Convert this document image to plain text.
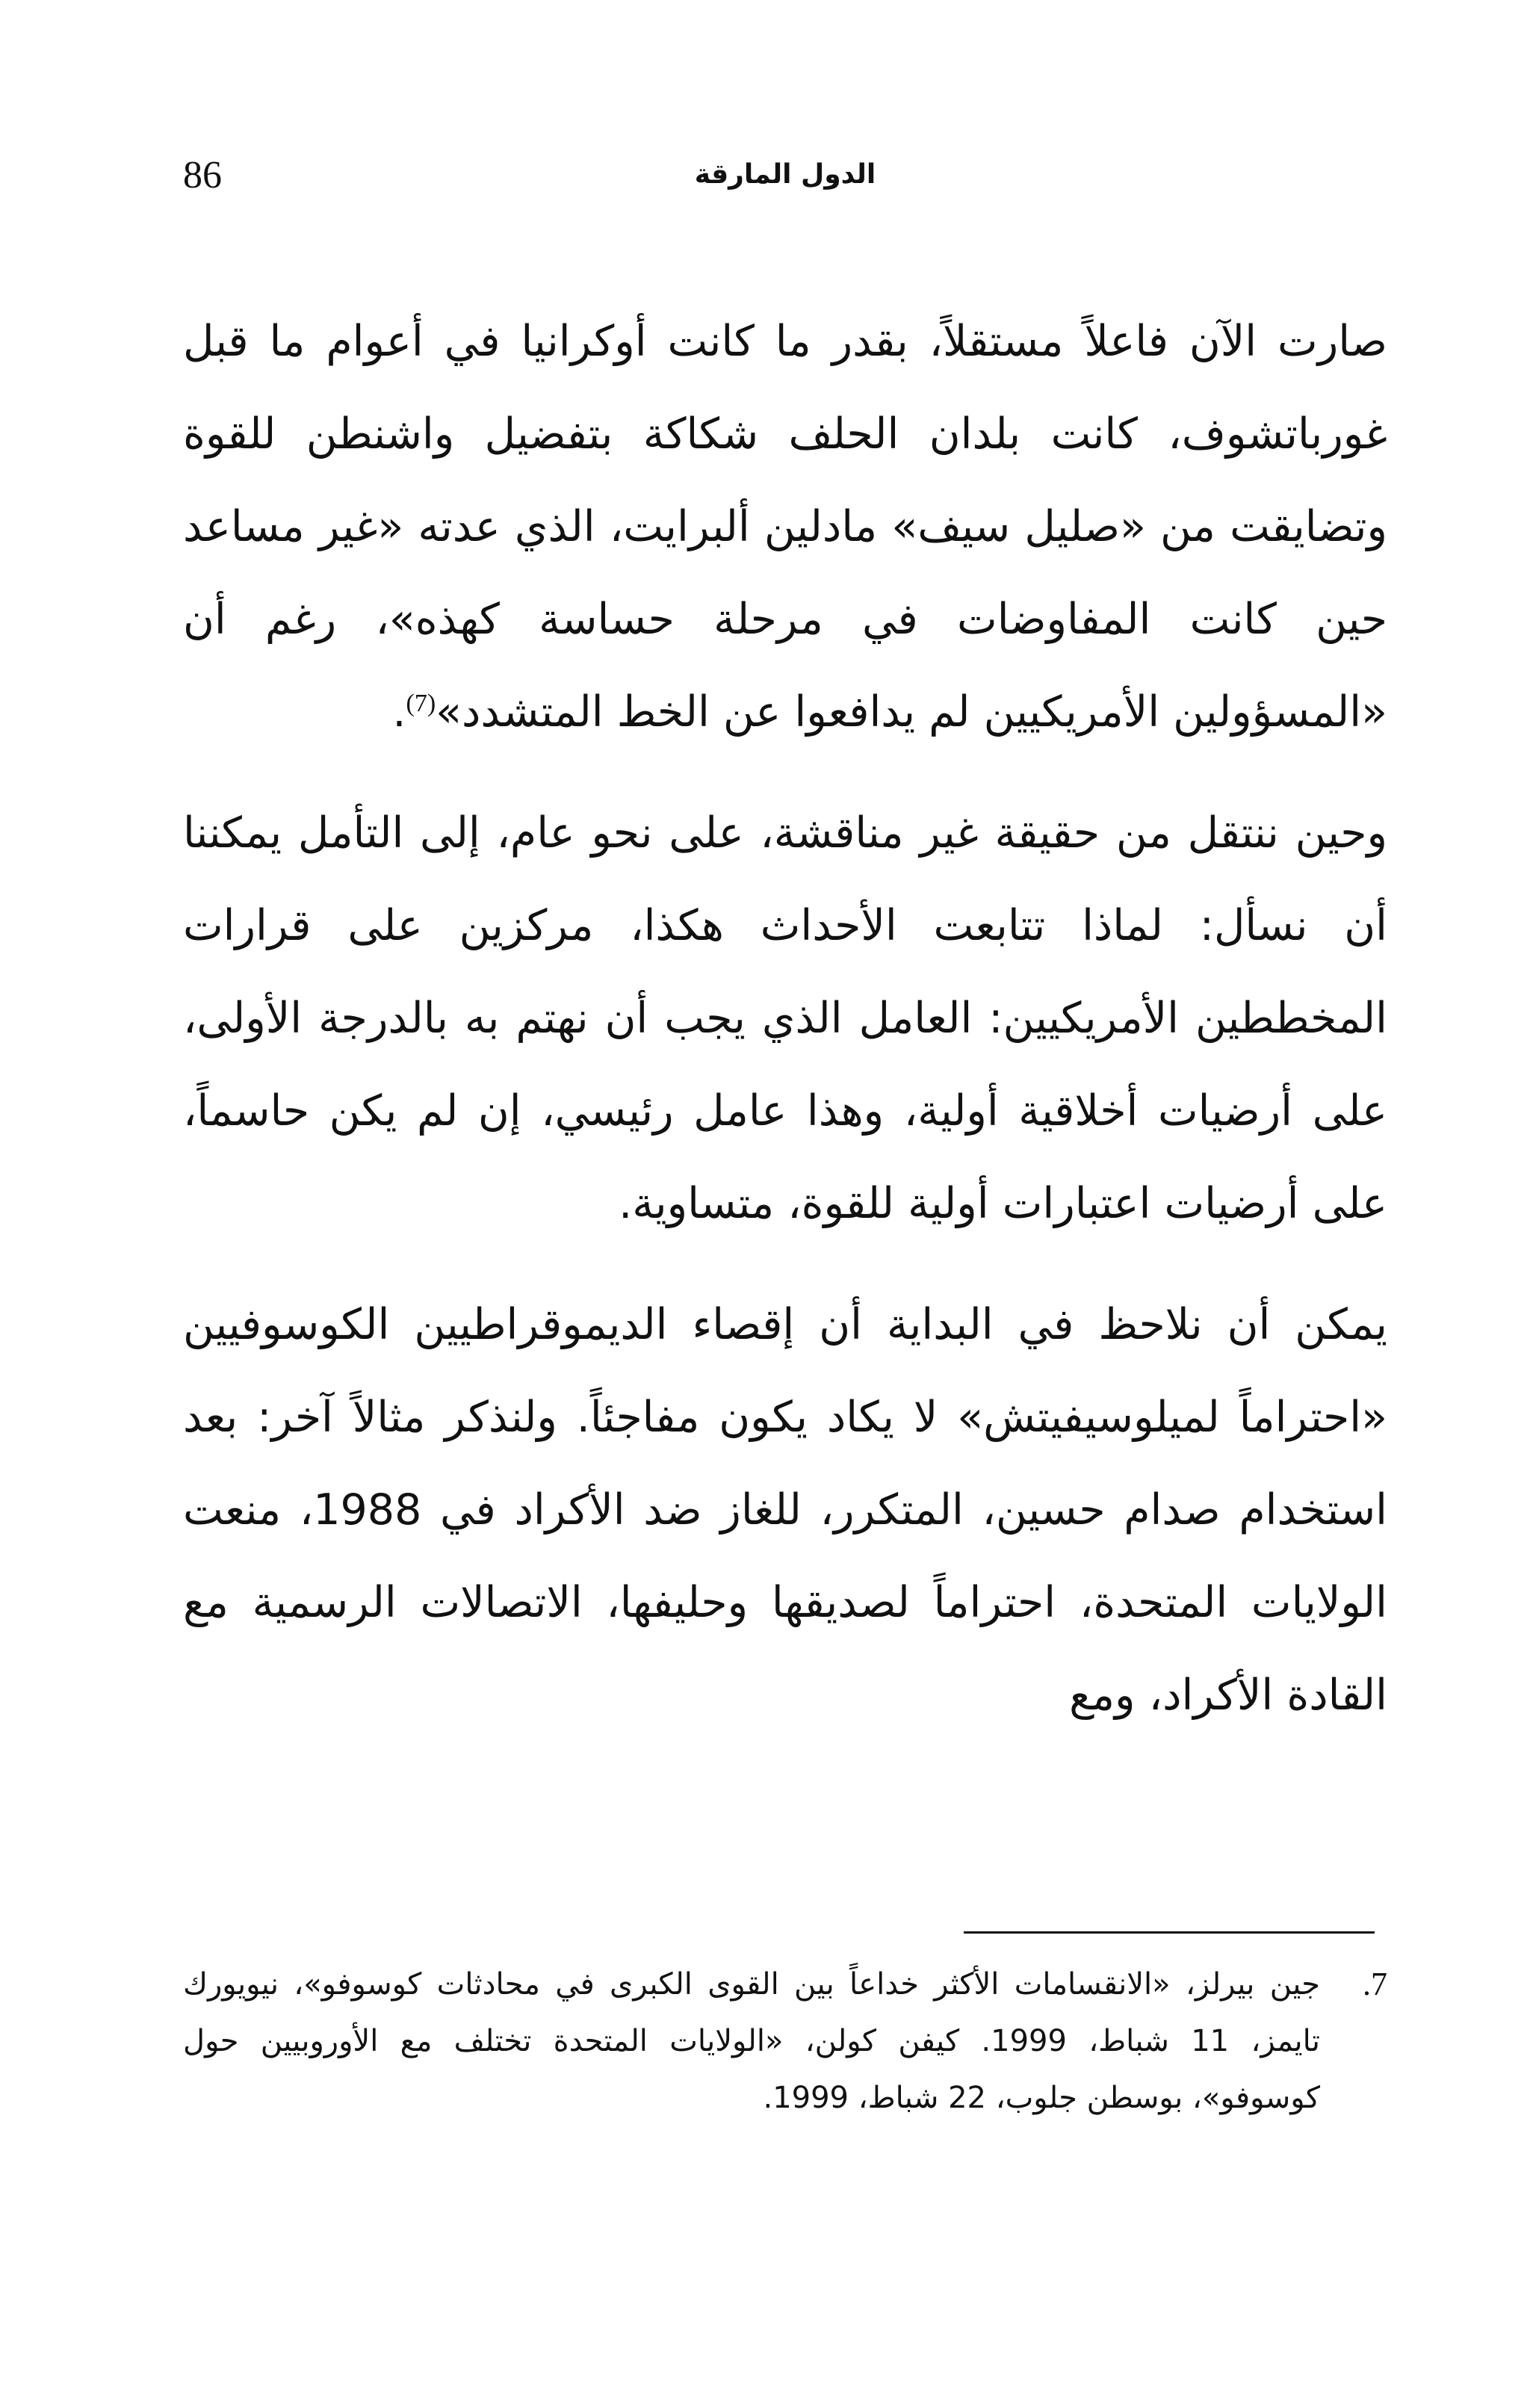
86	الدول المارقة

صارت الآن فاعلاً مستقلاً، بقدر ما كانت أوكرانيا في أعوام ما قبل غورباتشوف، كانت بلدان الحلف شكاكة بتفضيل واشنطن للقوة وتضايقت من «صليل سيف» مادلين ألبرايت، الذي عدته «غير مساعد حين كانت المفاوضات في مرحلة حساسة كهذه»، رغم أن «المسؤولين الأمريكيين لم يدافعوا عن الخط المتشدد»$^{(7)}$.

وحين ننتقل من حقيقة غير مناقشة، على نحو عام، إلى التأمل يمكننا أن نسأل: لماذا تتابعت الأحداث هكذا، مركزين على قرارات المخططين الأمريكيين: العامل الذي يجب أن نهتم به بالدرجة الأولى، على أرضيات أخلاقية أولية، وهذا عامل رئيسي، إن لم يكن حاسماً، على أرضيات اعتبارات أولية للقوة، متساوية.

يمكن أن نلاحظ في البداية أن إقصاء الديموقراطيين الكوسوفيين «احتراماً لميلوسيفيتش» لا يكاد يكون مفاجئاً. ولنذكر مثالاً آخر: بعد استخدام صدام حسين، المتكرر، للغاز ضد الأكراد في 1988، منعت الولايات المتحدة، احتراماً لصديقها وحليفها، الاتصالات الرسمية مع القادة الأكراد، ومع

7.
جين بيرلز، «الانقسامات الأكثر خداعاً بين القوى الكبرى في محادثات كوسوفو»، نيويورك تايمز، 11 شباط، 1999. كيفن كولن، «الولايات المتحدة تختلف مع الأوروبيين حول كوسوفو»، بوسطن جلوب، 22 شباط، 1999.
